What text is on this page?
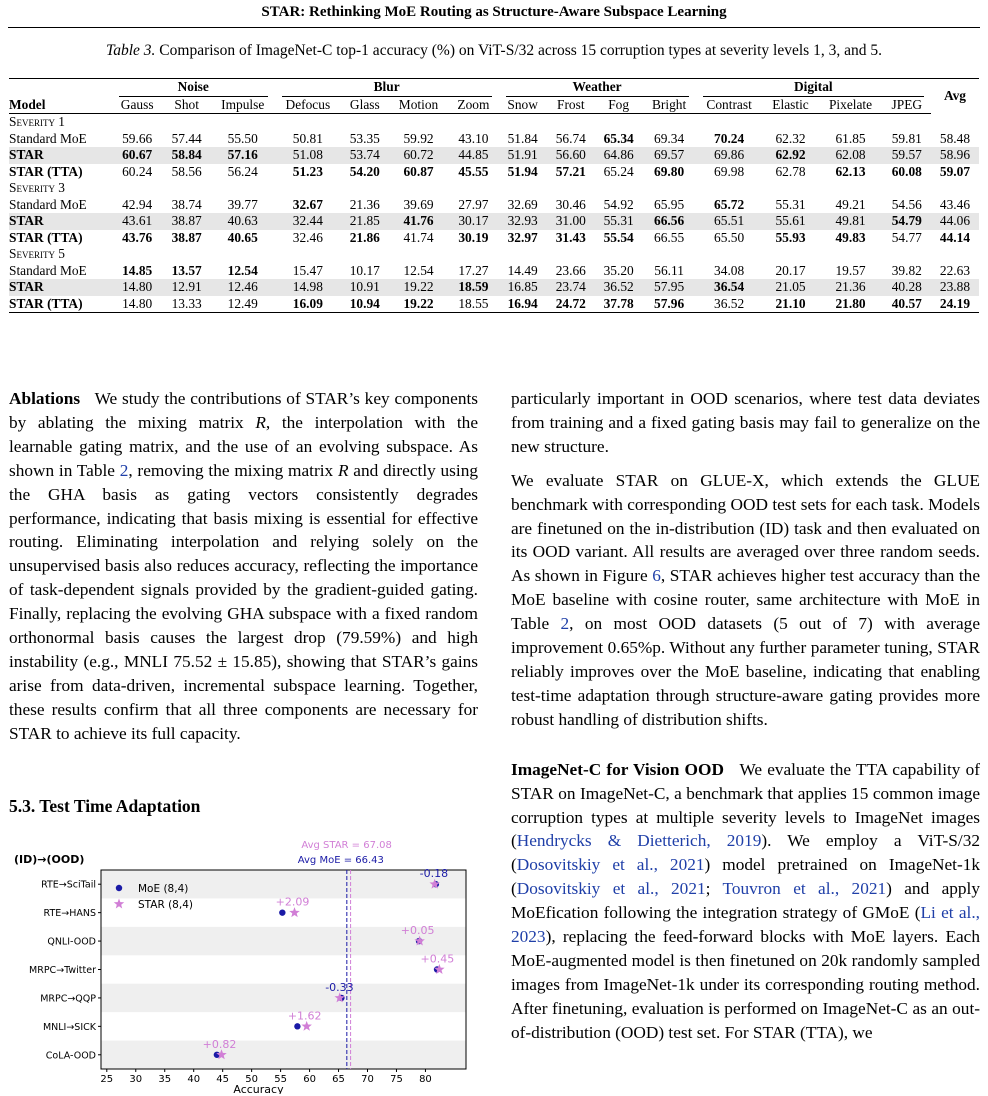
STAR: Rethinking MoE Routing as Structure-Aware Subspace Learning
Table 3. Comparison of ImageNet-C top-1 accuracy (%) on ViT-S/32 across 15 corruption types at severity levels 1, 3, and 5.

	Noise			Blur				Weather				Digital				Avg
Model	Gauss	Shot	Impulse	Defocus	Glass	Motion	Zoom	Snow	Frost	Fog	Bright	Contrast	Elastic	Pixelate	JPEG	
Severity 1																
Standard MoE	59.66	57.44	55.50	50.81	53.35	59.92	43.10	51.84	56.74	65.34	69.34	70.24	62.32	61.85	59.81	58.48
STAR	60.67	58.84	57.16	51.08	53.74	60.72	44.85	51.91	56.60	64.86	69.57	69.86	62.92	62.08	59.57	58.96
STAR (TTA)	60.24	58.56	56.24	51.23	54.20	60.87	45.55	51.94	57.21	65.24	69.80	69.98	62.78	62.13	60.08	59.07
Severity 3																
Standard MoE	42.94	38.74	39.77	32.67	21.36	39.69	27.97	32.69	30.46	54.92	65.95	65.72	55.31	49.21	54.56	43.46
STAR	43.61	38.87	40.63	32.44	21.85	41.76	30.17	32.93	31.00	55.31	66.56	65.51	55.61	49.81	54.79	44.06
STAR (TTA)	43.76	38.87	40.65	32.46	21.86	41.74	30.19	32.97	31.43	55.54	66.55	65.50	55.93	49.83	54.77	44.14
Severity 5																
Standard MoE	14.85	13.57	12.54	15.47	10.17	12.54	17.27	14.49	23.66	35.20	56.11	34.08	20.17	19.57	39.82	22.63
STAR	14.80	12.91	12.46	14.98	10.91	19.22	18.59	16.85	23.74	36.52	57.95	36.54	21.05	21.36	40.28	23.88
STAR (TTA)	14.80	13.33	12.49	16.09	10.94	19.22	18.55	16.94	24.72	37.78	57.96	36.52	21.10	21.80	40.57	24.19

Ablations We study the contributions of STAR’s key components by ablating the mixing matrix R, the interpolation with the learnable gating matrix, and the use of an evolving subspace. As shown in Table 2, removing the mixing matrix R and directly using the GHA basis as gating vectors consistently degrades performance, indicating that basis mixing is essential for effective routing. Eliminating interpolation and relying solely on the unsupervised basis also reduces accuracy, reflecting the importance of task-dependent signals provided by the gradient-guided gating. Finally, replacing the evolving GHA subspace with a fixed random orthonormal basis causes the largest drop (79.59%) and high instability (e.g., MNLI 75.52 ± 15.85), showing that STAR’s gains arise from data-driven, incremental subspace learning. Together, these results confirm that all three components are necessary for STAR to achieve its full capacity.

5.3. Test Time Adaptation
Avg STAR = 67.08
Avg MoE = 66.43
(ID)→(OOD)
RTE→SciTail
RTE→HANS
QNLI-OOD
MRPC→Twitter
MRPC→QQP
MNLI→SICK
CoLA-OOD
25 30 35 40 45 50 55 60 65 70 75 80
Accuracy
-0.18
+2.09
+0.05
+0.45
-0.33
+1.62
+0.82
MoE (8,4)
STAR (8,4)

particularly important in OOD scenarios, where test data deviates from training and a fixed gating basis may fail to generalize on the new structure.

We evaluate STAR on GLUE-X, which extends the GLUE benchmark with corresponding OOD test sets for each task. Models are finetuned on the in-distribution (ID) task and then evaluated on its OOD variant. All results are averaged over three random seeds. As shown in Figure 6, STAR achieves higher test accuracy than the MoE baseline with cosine router, same architecture with MoE in Table 2, on most OOD datasets (5 out of 7) with average improvement 0.65%p. Without any further parameter tuning, STAR reliably improves over the MoE baseline, indicating that enabling test-time adaptation through structure-aware gating provides more robust handling of distribution shifts.

ImageNet-C for Vision OOD We evaluate the TTA capability of STAR on ImageNet-C, a benchmark that applies 15 common image corruption types at multiple severity levels to ImageNet images (Hendrycks & Dietterich, 2019). We employ a ViT-S/32 (Dosovitskiy et al., 2021) model pretrained on ImageNet-1k (Dosovitskiy et al., 2021; Touvron et al., 2021) and apply MoEfication following the integration strategy of GMoE (Li et al., 2023), replacing the feed-forward blocks with MoE layers. Each MoE-augmented model is then finetuned on 20k randomly sampled images from ImageNet-1k under its corresponding routing method. After finetuning, evaluation is performed on ImageNet-C as an out-of-distribution (OOD) test set. For STAR (TTA), we
